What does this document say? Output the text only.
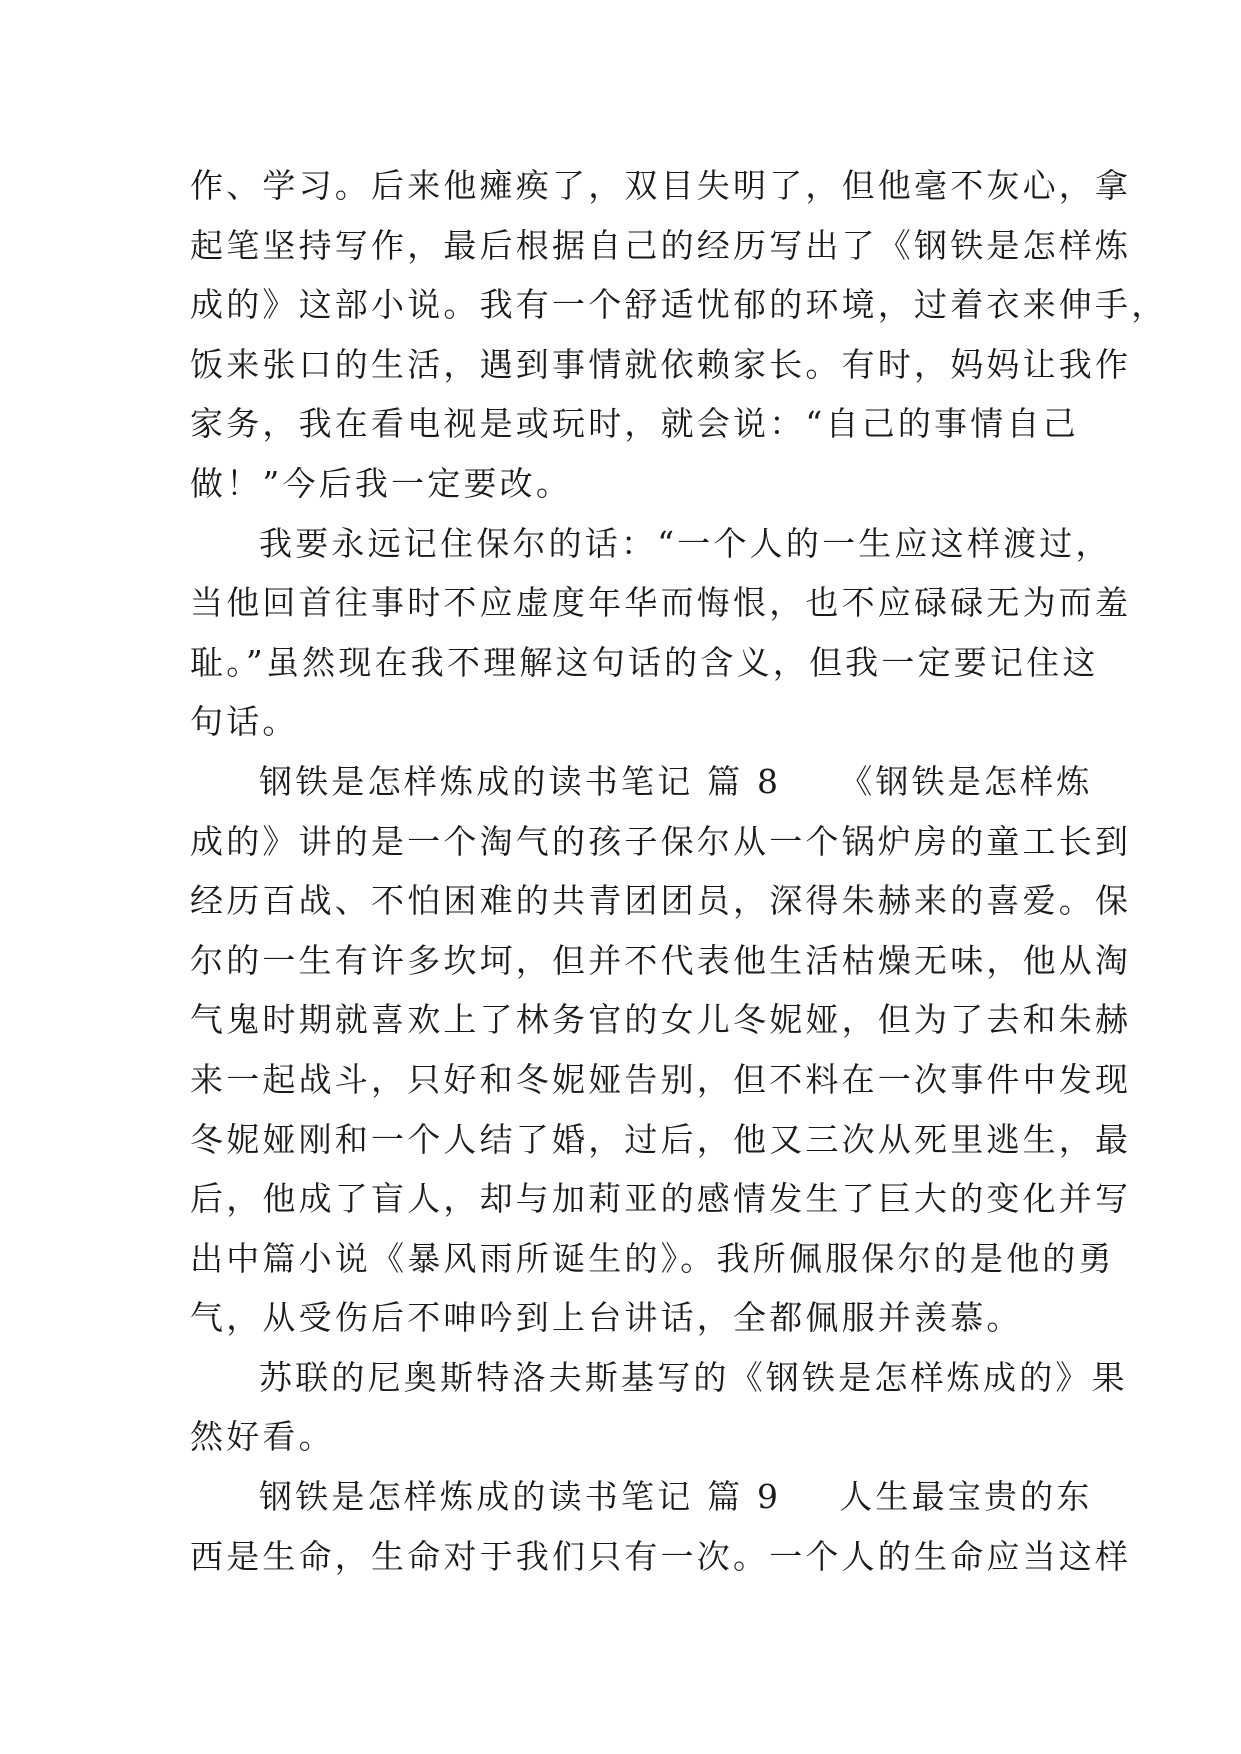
作、学习。后来他瘫痪了，双目失明了，但他毫不灰心，拿
起笔坚持写作，最后根据自己的经历写出了《钢铁是怎样炼
成的》这部小说。我有一个舒适忧郁的环境，过着衣来伸手，
饭来张口的生活，遇到事情就依赖家长。有时，妈妈让我作
家务，我在看电视是或玩时，就会说：“自己的事情自己
做！”今后我一定要改。
我要永远记住保尔的话：“一个人的一生应这样渡过，
当他回首往事时不应虚度年华而悔恨，也不应碌碌无为而羞
耻。”虽然现在我不理解这句话的含义，但我一定要记住这
句话。
钢铁是怎样炼成的读书笔记 篇 8 《钢铁是怎样炼
成的》讲的是一个淘气的孩子保尔从一个锅炉房的童工长到
经历百战、不怕困难的共青团团员，深得朱赫来的喜爱。保
尔的一生有许多坎坷，但并不代表他生活枯燥无味，他从淘
气鬼时期就喜欢上了林务官的女儿冬妮娅，但为了去和朱赫
来一起战斗，只好和冬妮娅告别，但不料在一次事件中发现
冬妮娅刚和一个人结了婚，过后，他又三次从死里逃生，最
后，他成了盲人，却与加莉亚的感情发生了巨大的变化并写
出中篇小说《暴风雨所诞生的》。我所佩服保尔的是他的勇
气，从受伤后不呻吟到上台讲话，全都佩服并羡慕。
苏联的尼奥斯特洛夫斯基写的《钢铁是怎样炼成的》果
然好看。
钢铁是怎样炼成的读书笔记 篇 9 人生最宝贵的东
西是生命，生命对于我们只有一次。一个人的生命应当这样
